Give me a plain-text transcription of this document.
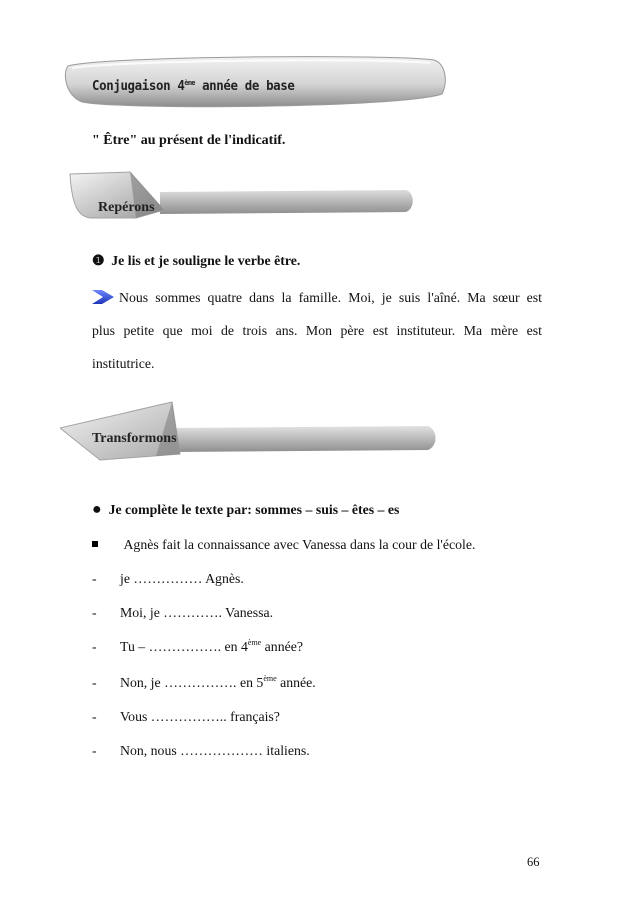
Conjugaison 4ème année de base
" Être" au présent de l'indicatif.
Repérons
❶ Je lis et je souligne le verbe être.
Nous sommes quatre dans la famille. Moi, je suis l'aîné. Ma sœur est
plus petite que moi de trois ans. Mon père est instituteur. Ma mère est
institutrice.
Transformons
● Je complète le texte par: sommes – suis – êtes – es
Agnès fait la connaissance avec Vanessa dans la cour de l'école.
- je …………… Agnès.
- Moi, je …………. Vanessa.
- Tu – ……………. en 4ème année?
- Non, je ……………. en 5ème année.
- Vous …………….. français?
- Non, nous ……………… italiens.
66
